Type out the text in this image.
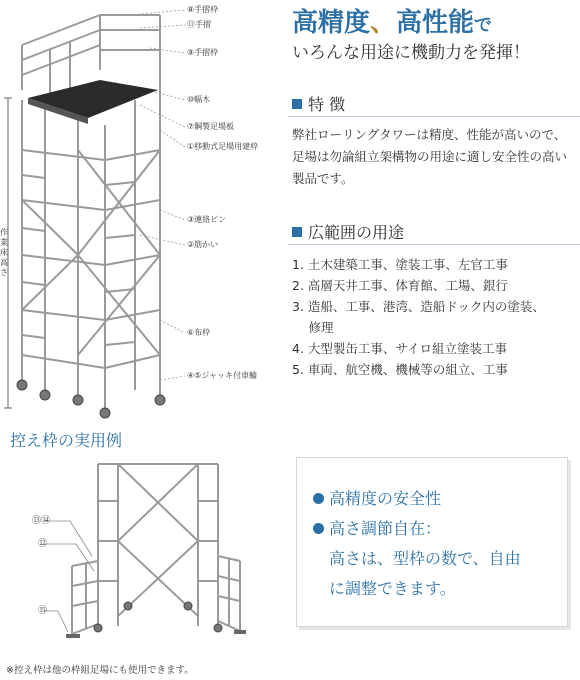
⑧手摺枠
⑪手摺
⑨手摺枠
⑩幅木
⑦鋼製足場板
①移動式足場用建枠
③連絡ピン
②筋かい
⑥布枠
④⑤ジャッキ付車輪
作業床高さ
高精度、高性能で
いろんな用途に機動力を発揮！
特 徴
弊社ローリングタワーは精度、性能が高いので、足場は勿論組立架構物の用途に適し安全性の高い製品です。
広範囲の用途
1. 土木建築工事、塗装工事、左官工事
2. 高層天井工事、体育館、工場、銀行
3. 造船、工事、港湾、造船ドック内の塗装、
　 修理
4. 大型製缶工事、サイロ組立塗装工事
5. 車両、航空機、機械等の組立、工事
控え枠の実用例
⑬⑭
⑫
⑮
※控え枠は他の枠組足場にも使用できます。
高精度の安全性
高さ調節自在：
高さは、型枠の数で、自由
に調整できます。
